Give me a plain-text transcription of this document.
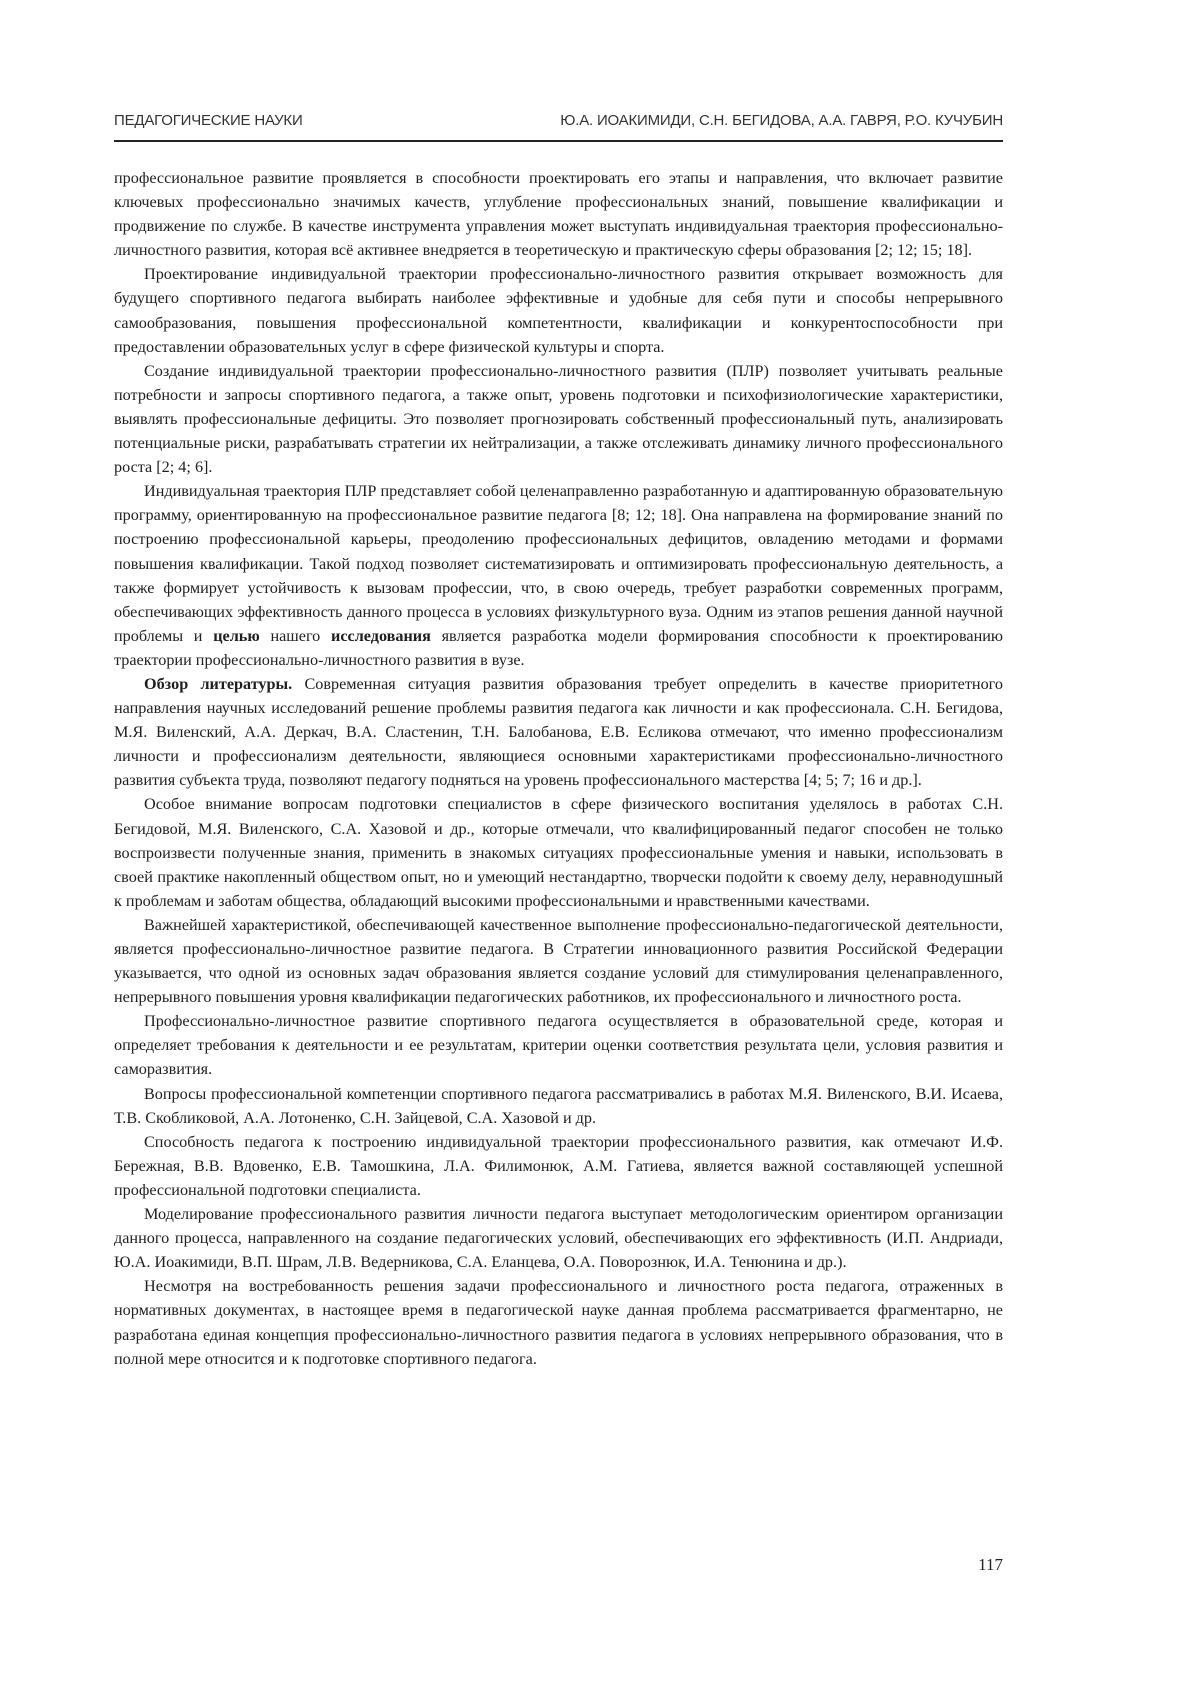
ПЕДАГОГИЧЕСКИЕ НАУКИ	Ю.А. ИОАКИМИДИ, С.Н. БЕГИДОВА, А.А. ГАВРЯ, Р.О. КУЧУБИН

профессиональное развитие проявляется в способности проектировать его этапы и направления, что включает развитие ключевых профессионально значимых качеств, углубление профессиональных знаний, повышение квалификации и продвижение по службе. В качестве инструмента управления может выступать индивидуальная траектория профессионально-личностного развития, которая всё активнее внедряется в теоретическую и практическую сферы образования [2; 12; 15; 18].

Проектирование индивидуальной траектории профессионально-личностного развития открывает возможность для будущего спортивного педагога выбирать наиболее эффективные и удобные для себя пути и способы непрерывного самообразования, повышения профессиональной компетентности, квалификации и конкурентоспособности при предоставлении образовательных услуг в сфере физической культуры и спорта.

Создание индивидуальной траектории профессионально-личностного развития (ПЛР) позволяет учитывать реальные потребности и запросы спортивного педагога, а также опыт, уровень подготовки и психофизиологические характеристики, выявлять профессиональные дефициты. Это позволяет прогнозировать собственный профессиональный путь, анализировать потенциальные риски, разрабатывать стратегии их нейтрализации, а также отслеживать динамику личного профессионального роста [2; 4; 6].

Индивидуальная траектория ПЛР представляет собой целенаправленно разработанную и адаптированную образовательную программу, ориентированную на профессиональное развитие педагога [8; 12; 18]. Она направлена на формирование знаний по построению профессиональной карьеры, преодолению профессиональных дефицитов, овладению методами и формами повышения квалификации. Такой подход позволяет систематизировать и оптимизировать профессиональную деятельность, а также формирует устойчивость к вызовам профессии, что, в свою очередь, требует разработки современных программ, обеспечивающих эффективность данного процесса в условиях физкультурного вуза. Одним из этапов решения данной научной проблемы и целью нашего исследования является разработка модели формирования способности к проектированию траектории профессионально-личностного развития в вузе.

Обзор литературы. Современная ситуация развития образования требует определить в качестве приоритетного направления научных исследований решение проблемы развития педагога как личности и как профессионала. С.Н. Бегидова, М.Я. Виленский, А.А. Деркач, В.А. Сластенин, Т.Н. Балобанова, Е.В. Есликова отмечают, что именно профессионализм личности и профессионализм деятельности, являющиеся основными характеристиками профессионально-личностного развития субъекта труда, позволяют педагогу подняться на уровень профессионального мастерства [4; 5; 7; 16 и др.].

Особое внимание вопросам подготовки специалистов в сфере физического воспитания уделялось в работах С.Н. Бегидовой, М.Я. Виленского, С.А. Хазовой и др., которые отмечали, что квалифицированный педагог способен не только воспроизвести полученные знания, применить в знакомых ситуациях профессиональные умения и навыки, использовать в своей практике накопленный обществом опыт, но и умеющий нестандартно, творчески подойти к своему делу, неравнодушный к проблемам и заботам общества, обладающий высокими профессиональными и нравственными качествами.

Важнейшей характеристикой, обеспечивающей качественное выполнение профессионально-педагогической деятельности, является профессионально-личностное развитие педагога. В Стратегии инновационного развития Российской Федерации указывается, что одной из основных задач образования является создание условий для стимулирования целенаправленного, непрерывного повышения уровня квалификации педагогических работников, их профессионального и личностного роста.

Профессионально-личностное развитие спортивного педагога осуществляется в образовательной среде, которая и определяет требования к деятельности и ее результатам, критерии оценки соответствия результата цели, условия развития и саморазвития.

Вопросы профессиональной компетенции спортивного педагога рассматривались в работах М.Я. Виленского, В.И. Исаева, Т.В. Скобликовой, А.А. Лотоненко, С.Н. Зайцевой, С.А. Хазовой и др.

Способность педагога к построению индивидуальной траектории профессионального развития, как отмечают И.Ф. Бережная, В.В. Вдовенко, Е.В. Тамошкина, Л.А. Филимонюк, А.М. Гатиева, является важной составляющей успешной профессиональной подготовки специалиста.

Моделирование профессионального развития личности педагога выступает методологическим ориентиром организации данного процесса, направленного на создание педагогических условий, обеспечивающих его эффективность (И.П. Андриади, Ю.А. Иоакимиди, В.П. Шрам, Л.В. Ведерникова, С.А. Еланцева, О.А. Поворознюк, И.А. Тенюнина и др.).

Несмотря на востребованность решения задачи профессионального и личностного роста педагога, отраженных в нормативных документах, в настоящее время в педагогической науке данная проблема рассматривается фрагментарно, не разработана единая концепция профессионально-личностного развития педагога в условиях непрерывного образования, что в полной мере относится и к подготовке спортивного педагога.

117
